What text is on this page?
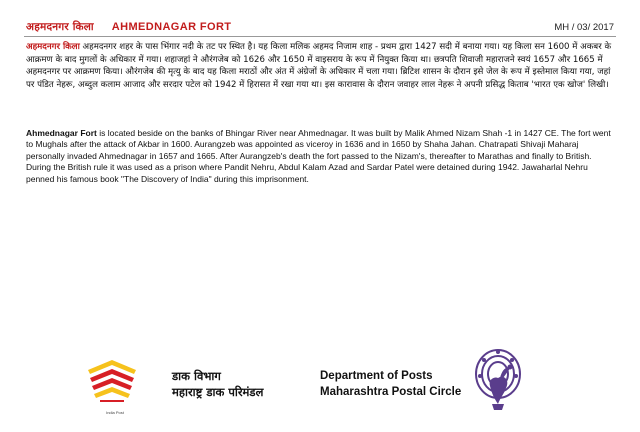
अहमदनगर किला AHMEDNAGAR FORT	MH / 03/ 2017

अहमदनगर किला अहमदनगर शहर के पास भिंगार नदी के तट पर स्थित है। यह किला मलिक अहमद निजाम शाह - प्रथम द्वारा 1427 सदी में बनाया गया। यह किला सन 1600 में अकबर के आक्रमण के बाद मुगलों के अधिकार में गया। शहाजहां ने औरंगजेब को 1626 और 1650 में वाइसराय के रूप में नियुक्त किया था। छत्रपति शिवाजी महाराजने स्वयं 1657 और 1665 में अहमदनगर पर आक्रमण किया। औरंगजेब की मृत्यु के बाद यह किला मराठों और अंत में अंग्रेजों के अधिकार में चला गया। ब्रिटिश शासन के दौरान इसे जेल के रूप में इस्तेमाल किया गया, जहां पर पंडित नेहरू, अब्दुल कलाम आजाद और सरदार पटेल को 1942 में हिरासत में रखा गया था। इस कारावास के दौरान जवाहर लाल नेहरू ने अपनी प्रसिद्ध किताब 'भारत एक खोज' लिखी।

Ahmednagar Fort is located beside on the banks of Bhingar River near Ahmednagar. It was built by Malik Ahmed Nizam Shah -1 in 1427 CE. The fort went to Mughals after the attack of Akbar in 1600. Aurangzeb was appointed as viceroy in 1636 and in 1650 by Shaha Jahan. Chatrapati Shivaji Maharaj personally invaded Ahmednagar in 1657 and 1665. After Aurangzeb's death the fort passed to the Nizam's, thereafter to Marathas and finally to British. During the British rule it was used as a prison where Pandit Nehru, Abdul Kalam Azad and Sardar Patel were detained during 1942. Jawaharlal Nehru penned his famous book "The Discovery of India" during this imprisonment.

India Post
डाक विभाग
महाराष्ट्र डाक परिमंडल
Department of Posts
Maharashtra Postal Circle
